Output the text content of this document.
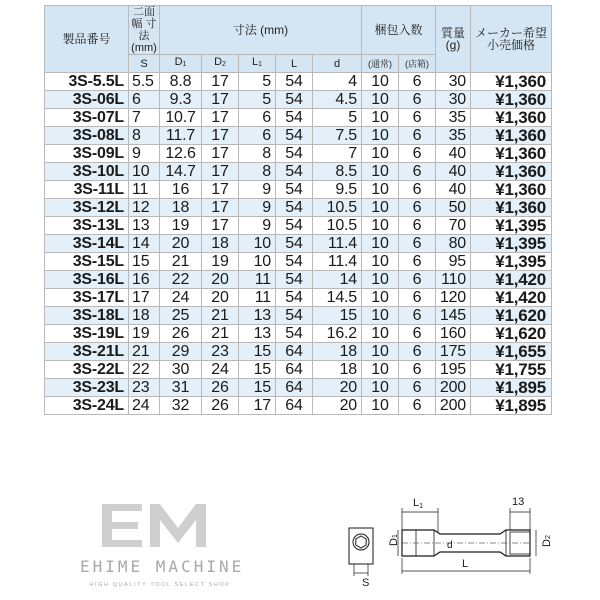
製品番号	二面幅 寸法 (mm)	寸法 (mm)					梱包入数		質量 (g)	メーカー希望 小売価格
	S	$D_1$	$D_2$	$L_1$	L	d	(通常)	(店箱)		
3S-5.5L	5.5	8.8	17	5	54	4	10	6	30	¥1,360
3S-06L	6	9.3	17	5	54	4.5	10	6	30	¥1,360
3S-07L	7	10.7	17	6	54	5	10	6	35	¥1,360
3S-08L	8	11.7	17	6	54	7.5	10	6	35	¥1,360
3S-09L	9	12.6	17	8	54	7	10	6	40	¥1,360
3S-10L	10	14.7	17	8	54	8.5	10	6	40	¥1,360
3S-11L	11	16	17	9	54	9.5	10	6	40	¥1,360
3S-12L	12	18	17	9	54	10.5	10	6	50	¥1,360
3S-13L	13	19	17	9	54	10.5	10	6	70	¥1,395
3S-14L	14	20	18	10	54	11.4	10	6	80	¥1,395
3S-15L	15	21	19	10	54	11.4	10	6	95	¥1,395
3S-16L	16	22	20	11	54	14	10	6	110	¥1,420
3S-17L	17	24	20	11	54	14.5	10	6	120	¥1,420
3S-18L	18	25	21	13	54	15	10	6	145	¥1,620
3S-19L	19	26	21	13	54	16.2	10	6	160	¥1,620
3S-21L	21	29	23	15	64	18	10	6	175	¥1,655
3S-22L	22	30	24	15	64	18	10	6	195	¥1,755
3S-23L	23	31	26	15	64	20	10	6	200	¥1,895
3S-24L	24	32	26	17	64	20	10	6	200	¥1,895
EHIME MACHINE
HIGH QUALITY TOOL SELECT SHOP	S
L1	13
D1
d	D2
L
